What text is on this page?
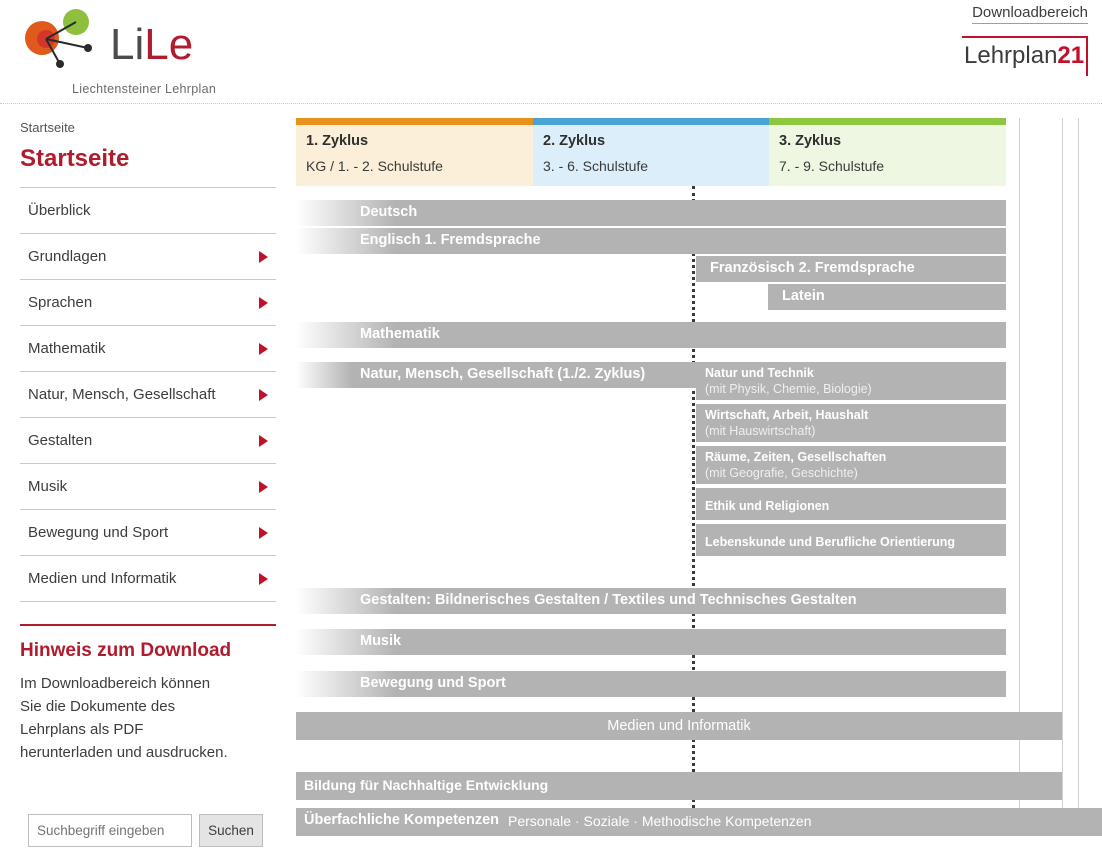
LiLe
Liechtensteiner Lehrplan
Downloadbereich
Lehrplan21
Startseite
Startseite
Überblick
Grundlagen
Sprachen
Mathematik
Natur, Mensch, Gesellschaft
Gestalten
Musik
Bewegung und Sport
Medien und Informatik
Hinweis zum Download
Im Downloadbereich können Sie die Dokumente des Lehrplans als PDF herunterladen und ausdrucken.
Suchbegriff eingeben
Suchen
1. Zyklus
KG / 1. - 2. Schulstufe
2. Zyklus
3. - 6. Schulstufe
3. Zyklus
7. - 9. Schulstufe
Deutsch
Englisch 1. Fremdsprache
Französisch 2. Fremdsprache
Latein
Mathematik
Natur, Mensch, Gesellschaft (1./2. Zyklus)	Natur und Technik
(mit Physik, Chemie, Biologie)
Wirtschaft, Arbeit, Haushalt
(mit Hauswirtschaft)
Räume, Zeiten, Gesellschaften
(mit Geografie, Geschichte)
Ethik und Religionen
Lebenskunde und Berufliche Orientierung
Gestalten: Bildnerisches Gestalten / Textiles und Technisches Gestalten
Musik
Bewegung und Sport
Medien und Informatik
Bildung für Nachhaltige Entwicklung
Überfachliche Kompetenzen Personale · Soziale · Methodische Kompetenzen
